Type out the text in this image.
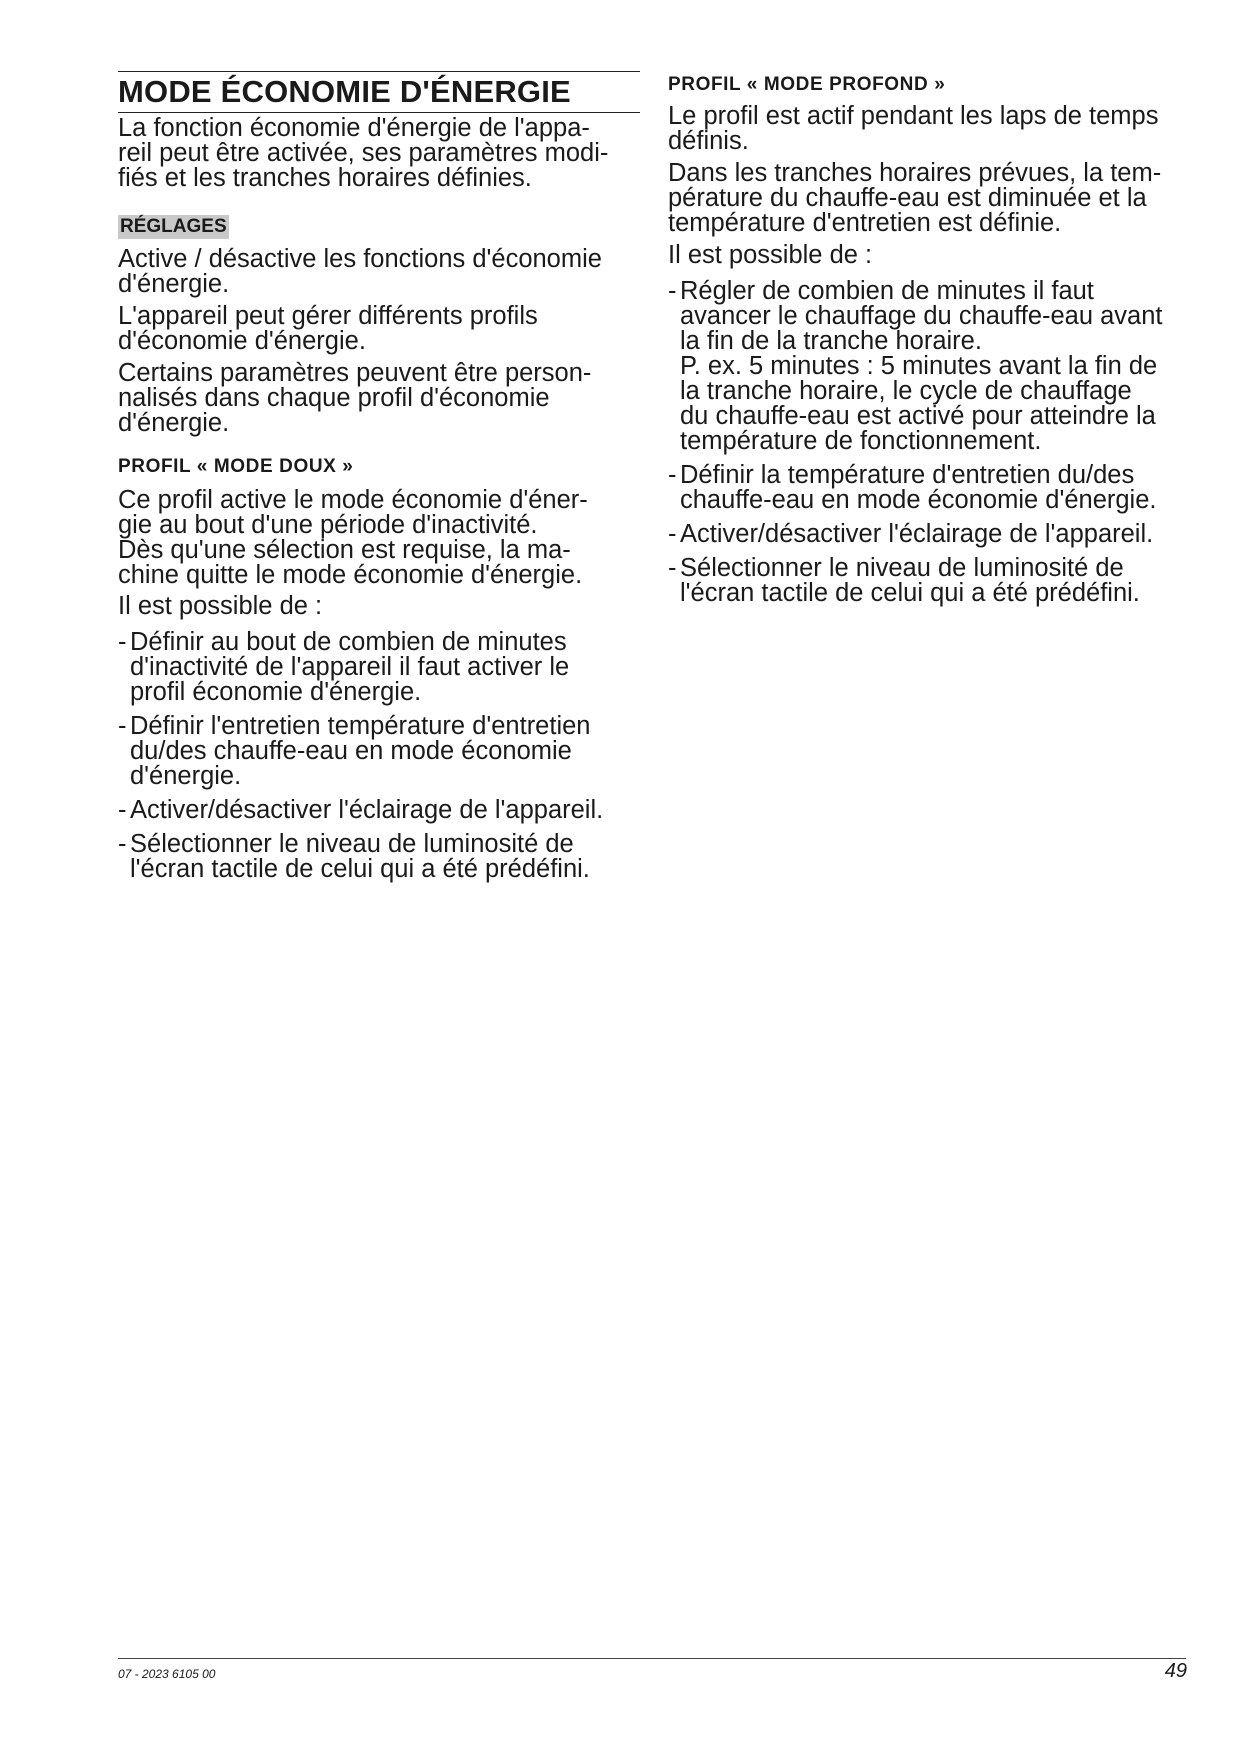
MODE ÉCONOMIE D'ÉNERGIE

La fonction économie d'énergie de l'appa-
reil peut être activée, ses paramètres modi-
fiés et les tranches horaires définies.

RÉGLAGES

Active / désactive les fonctions d'économie
d'énergie.

L'appareil peut gérer différents profils
d'économie d'énergie.

Certains paramètres peuvent être person-
nalisés dans chaque profil d'économie
d'énergie.

PROFIL « MODE DOUX »

Ce profil active le mode économie d'éner-
gie au bout d'une période d'inactivité.
Dès qu'une sélection est requise, la ma-
chine quitte le mode économie d'énergie.

Il est possible de :

- Définir au bout de combien de minutes
d'inactivité de l'appareil il faut activer le
profil économie d'énergie.
- Définir l'entretien température d'entretien
du/des chauffe-eau en mode économie
d'énergie.
- Activer/désactiver l'éclairage de l'appareil.
- Sélectionner le niveau de luminosité de
l'écran tactile de celui qui a été prédéfini.
PROFIL « MODE PROFOND »

Le profil est actif pendant les laps de temps
définis.

Dans les tranches horaires prévues, la tem-
pérature du chauffe-eau est diminuée et la
température d'entretien est définie.

Il est possible de :

- Régler de combien de minutes il faut
avancer le chauffage du chauffe-eau avant
la fin de la tranche horaire.
P. ex. 5 minutes : 5 minutes avant la fin de
la tranche horaire, le cycle de chauffage
du chauffe-eau est activé pour atteindre la
température de fonctionnement.
- Définir la température d'entretien du/des
chauffe-eau en mode économie d'énergie.
- Activer/désactiver l'éclairage de l'appareil.
- Sélectionner le niveau de luminosité de
l'écran tactile de celui qui a été prédéfini.
07 - 2023 6105 00	49
